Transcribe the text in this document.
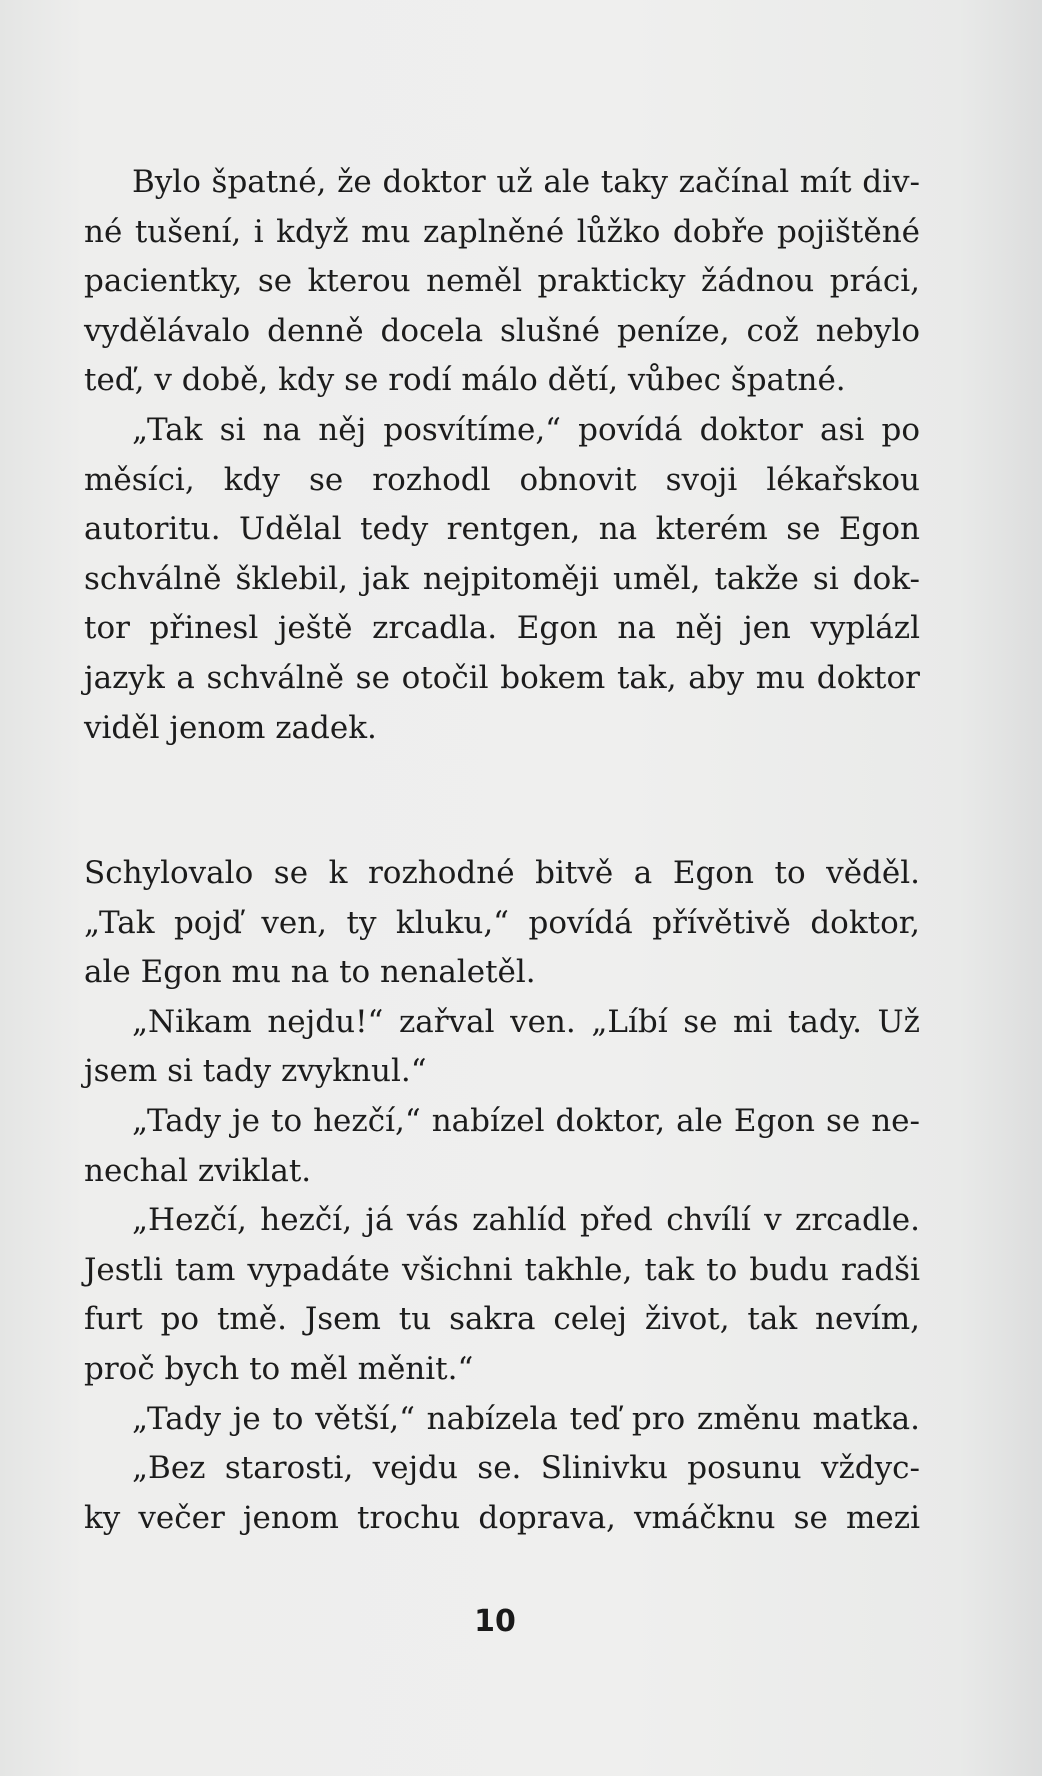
Bylo špatné, že doktor už ale taky začínal mít div-
né tušení, i když mu zaplněné lůžko dobře pojištěné
pacientky, se kterou neměl prakticky žádnou práci,
vydělávalo denně docela slušné peníze, což nebylo
teď, v době, kdy se rodí málo dětí, vůbec špatné.
„Tak si na něj posvítíme,“ povídá doktor asi po
měsíci, kdy se rozhodl obnovit svoji lékařskou
autoritu. Udělal tedy rentgen, na kterém se Egon
schválně šklebil, jak nejpitoměji uměl, takže si dok-
tor přinesl ještě zrcadla. Egon na něj jen vyplázl
jazyk a schválně se otočil bokem tak, aby mu doktor
viděl jenom zadek.
Schylovalo se k rozhodné bitvě a Egon to věděl.
„Tak pojď ven, ty kluku,“ povídá přívětivě doktor,
ale Egon mu na to nenaletěl.
„Nikam nejdu!“ zařval ven. „Líbí se mi tady. Už
jsem si tady zvyknul.“
„Tady je to hezčí,“ nabízel doktor, ale Egon se ne-
nechal zviklat.
„Hezčí, hezčí, já vás zahlíd před chvílí v zrcadle.
Jestli tam vypadáte všichni takhle, tak to budu radši
furt po tmě. Jsem tu sakra celej život, tak nevím,
proč bych to měl měnit.“
„Tady je to větší,“ nabízela teď pro změnu matka.
„Bez starosti, vejdu se. Slinivku posunu vždyc-
ky večer jenom trochu doprava, vmáčknu se mezi
10
